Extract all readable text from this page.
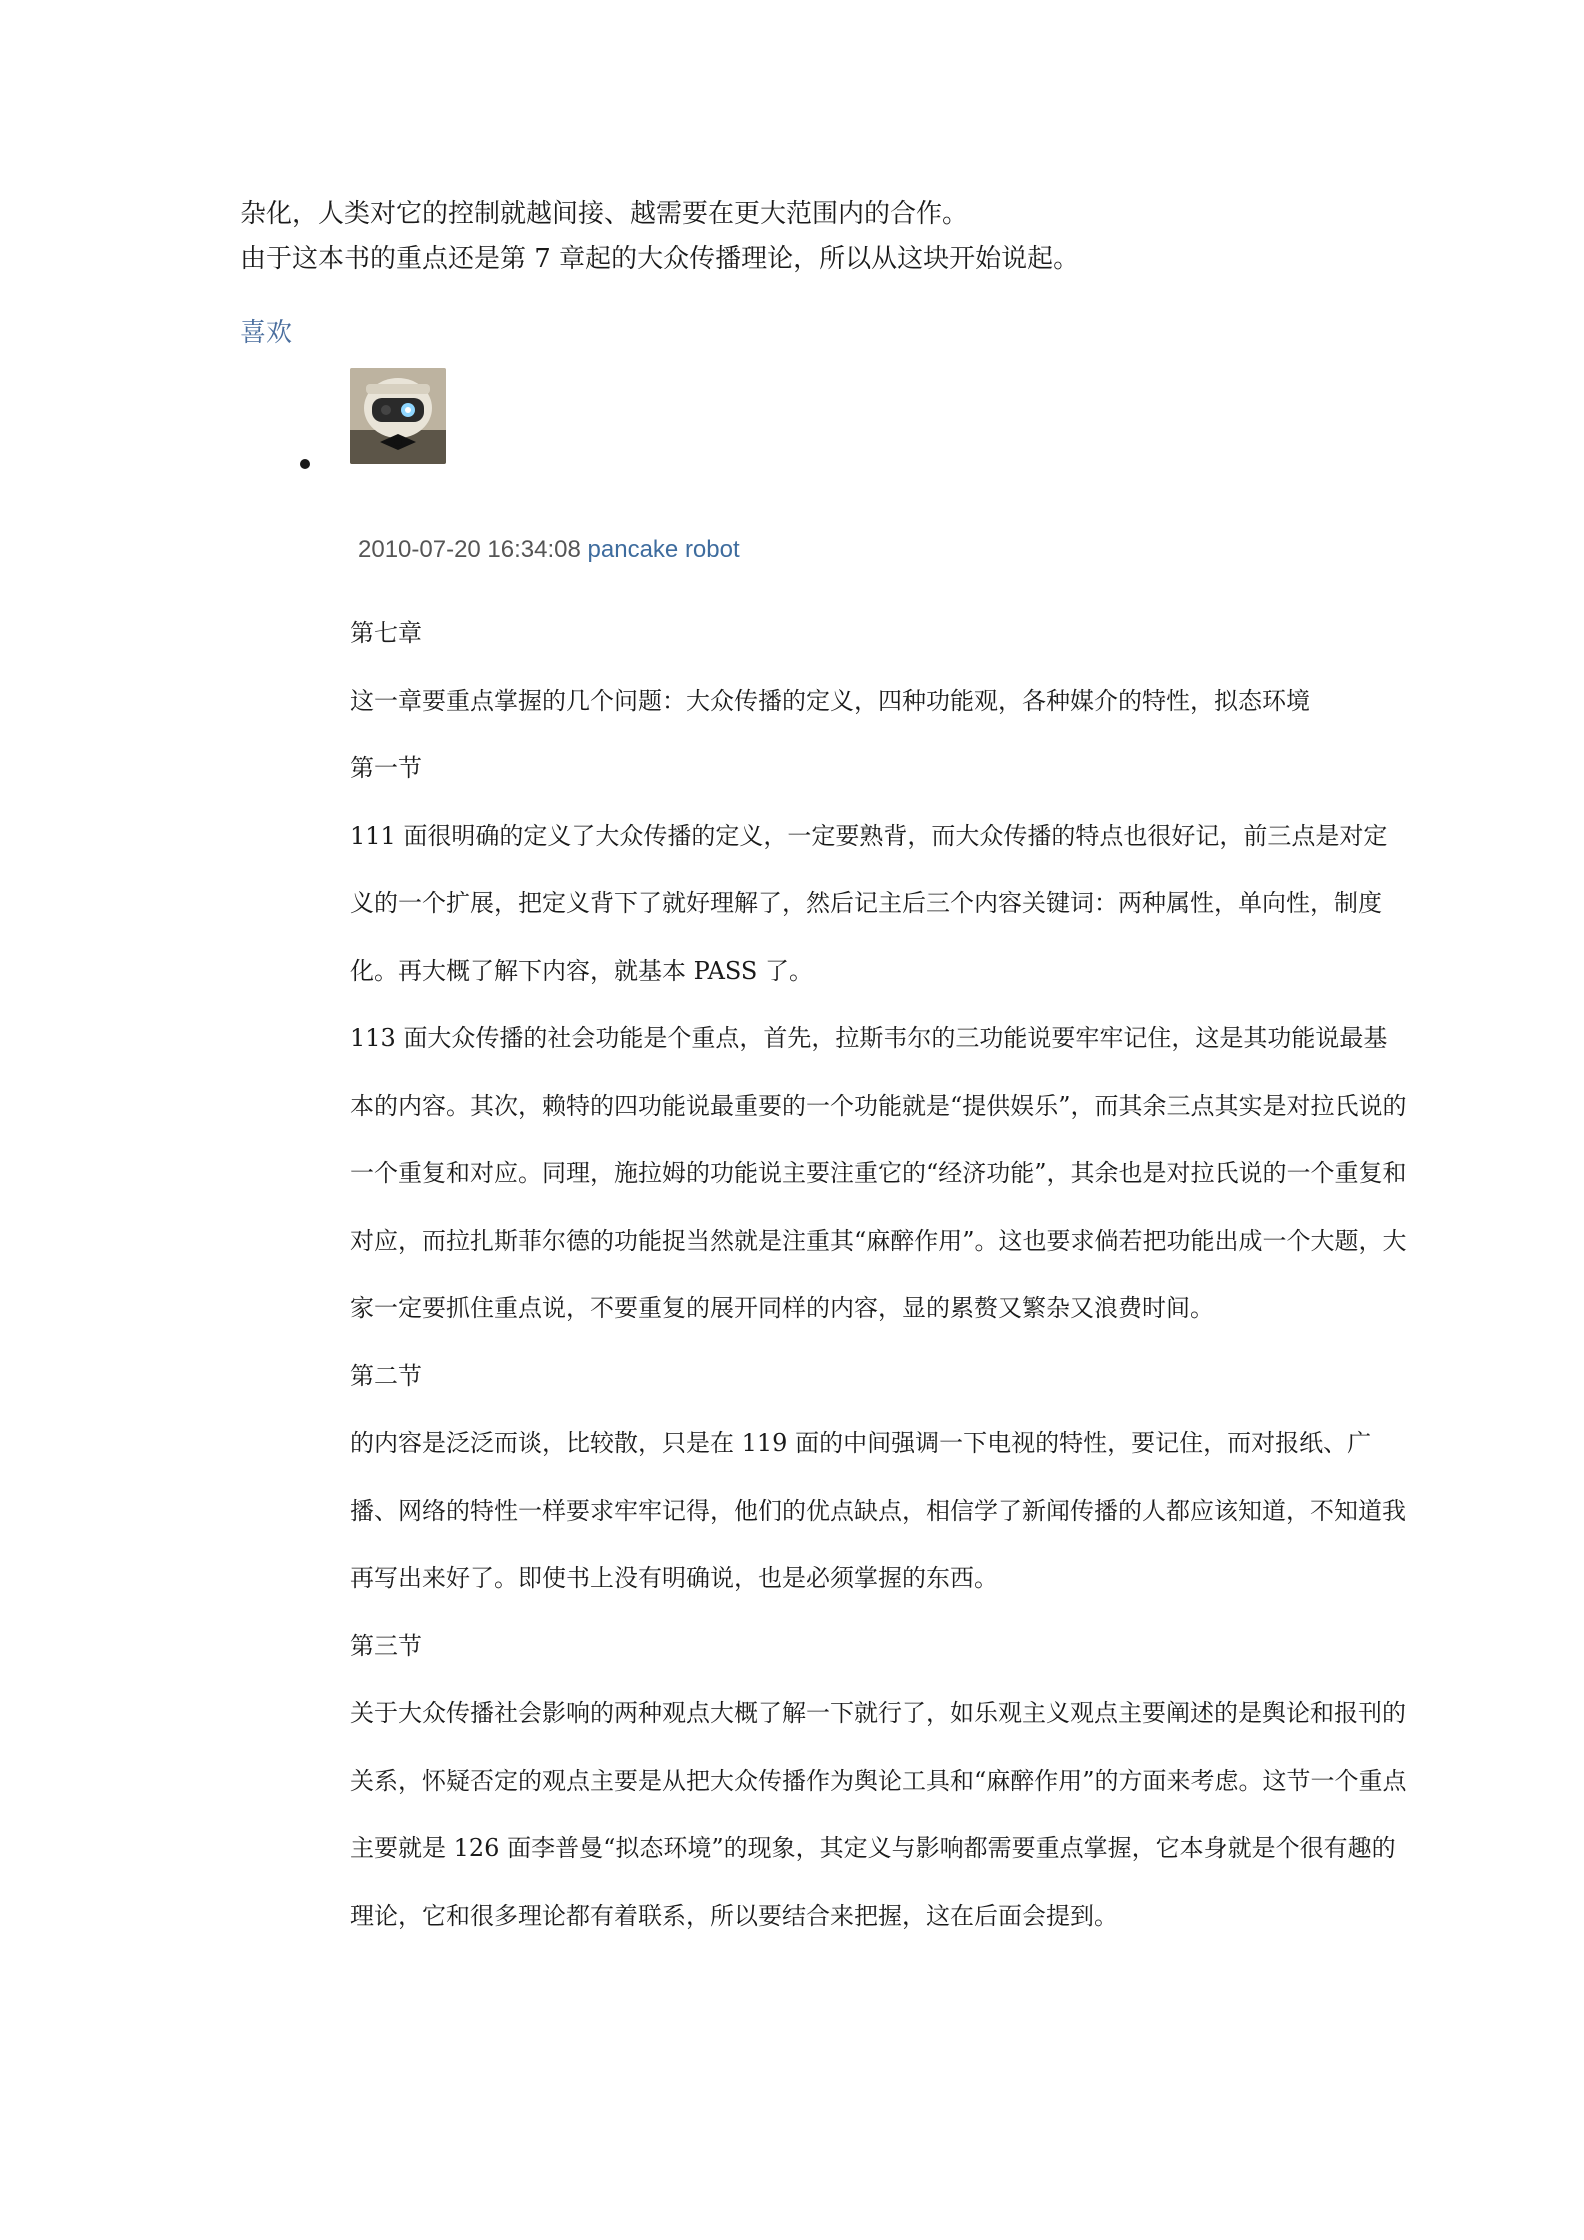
杂化，人类对它的控制就越间接、越需要在更大范围内的合作。

由于这本书的重点还是第 7 章起的大众传播理论，所以从这块开始说起。

喜欢
2010-07-20 16:34:08 pancake robot

第七章

这一章要重点掌握的几个问题：大众传播的定义，四种功能观，各种媒介的特性，拟态环境

第一节

111 面很明确的定义了大众传播的定义，一定要熟背，而大众传播的特点也很好记，前三点是对定义的一个扩展，把定义背下了就好理解了，然后记主后三个内容关键词：两种属性，单向性，制度化。再大概了解下内容，就基本 PASS 了。

113 面大众传播的社会功能是个重点，首先，拉斯韦尔的三功能说要牢牢记住，这是其功能说最基本的内容。其次，赖特的四功能说最重要的一个功能就是“提供娱乐”，而其余三点其实是对拉氏说的一个重复和对应。同理，施拉姆的功能说主要注重它的“经济功能”，其余也是对拉氏说的一个重复和对应，而拉扎斯菲尔德的功能捉当然就是注重其“麻醉作用”。这也要求倘若把功能出成一个大题，大家一定要抓住重点说，不要重复的展开同样的内容，显的累赘又繁杂又浪费时间。

第二节

的内容是泛泛而谈，比较散，只是在 119 面的中间强调一下电视的特性，要记住，而对报纸、广播、网络的特性一样要求牢牢记得，他们的优点缺点，相信学了新闻传播的人都应该知道，不知道我再写出来好了。即使书上没有明确说，也是必须掌握的东西。

第三节

关于大众传播社会影响的两种观点大概了解一下就行了，如乐观主义观点主要阐述的是舆论和报刊的关系，怀疑否定的观点主要是从把大众传播作为舆论工具和“麻醉作用”的方面来考虑。这节一个重点主要就是 126 面李普曼“拟态环境”的现象，其定义与影响都需要重点掌握，它本身就是个很有趣的理论，它和很多理论都有着联系，所以要结合来把握，这在后面会提到。
